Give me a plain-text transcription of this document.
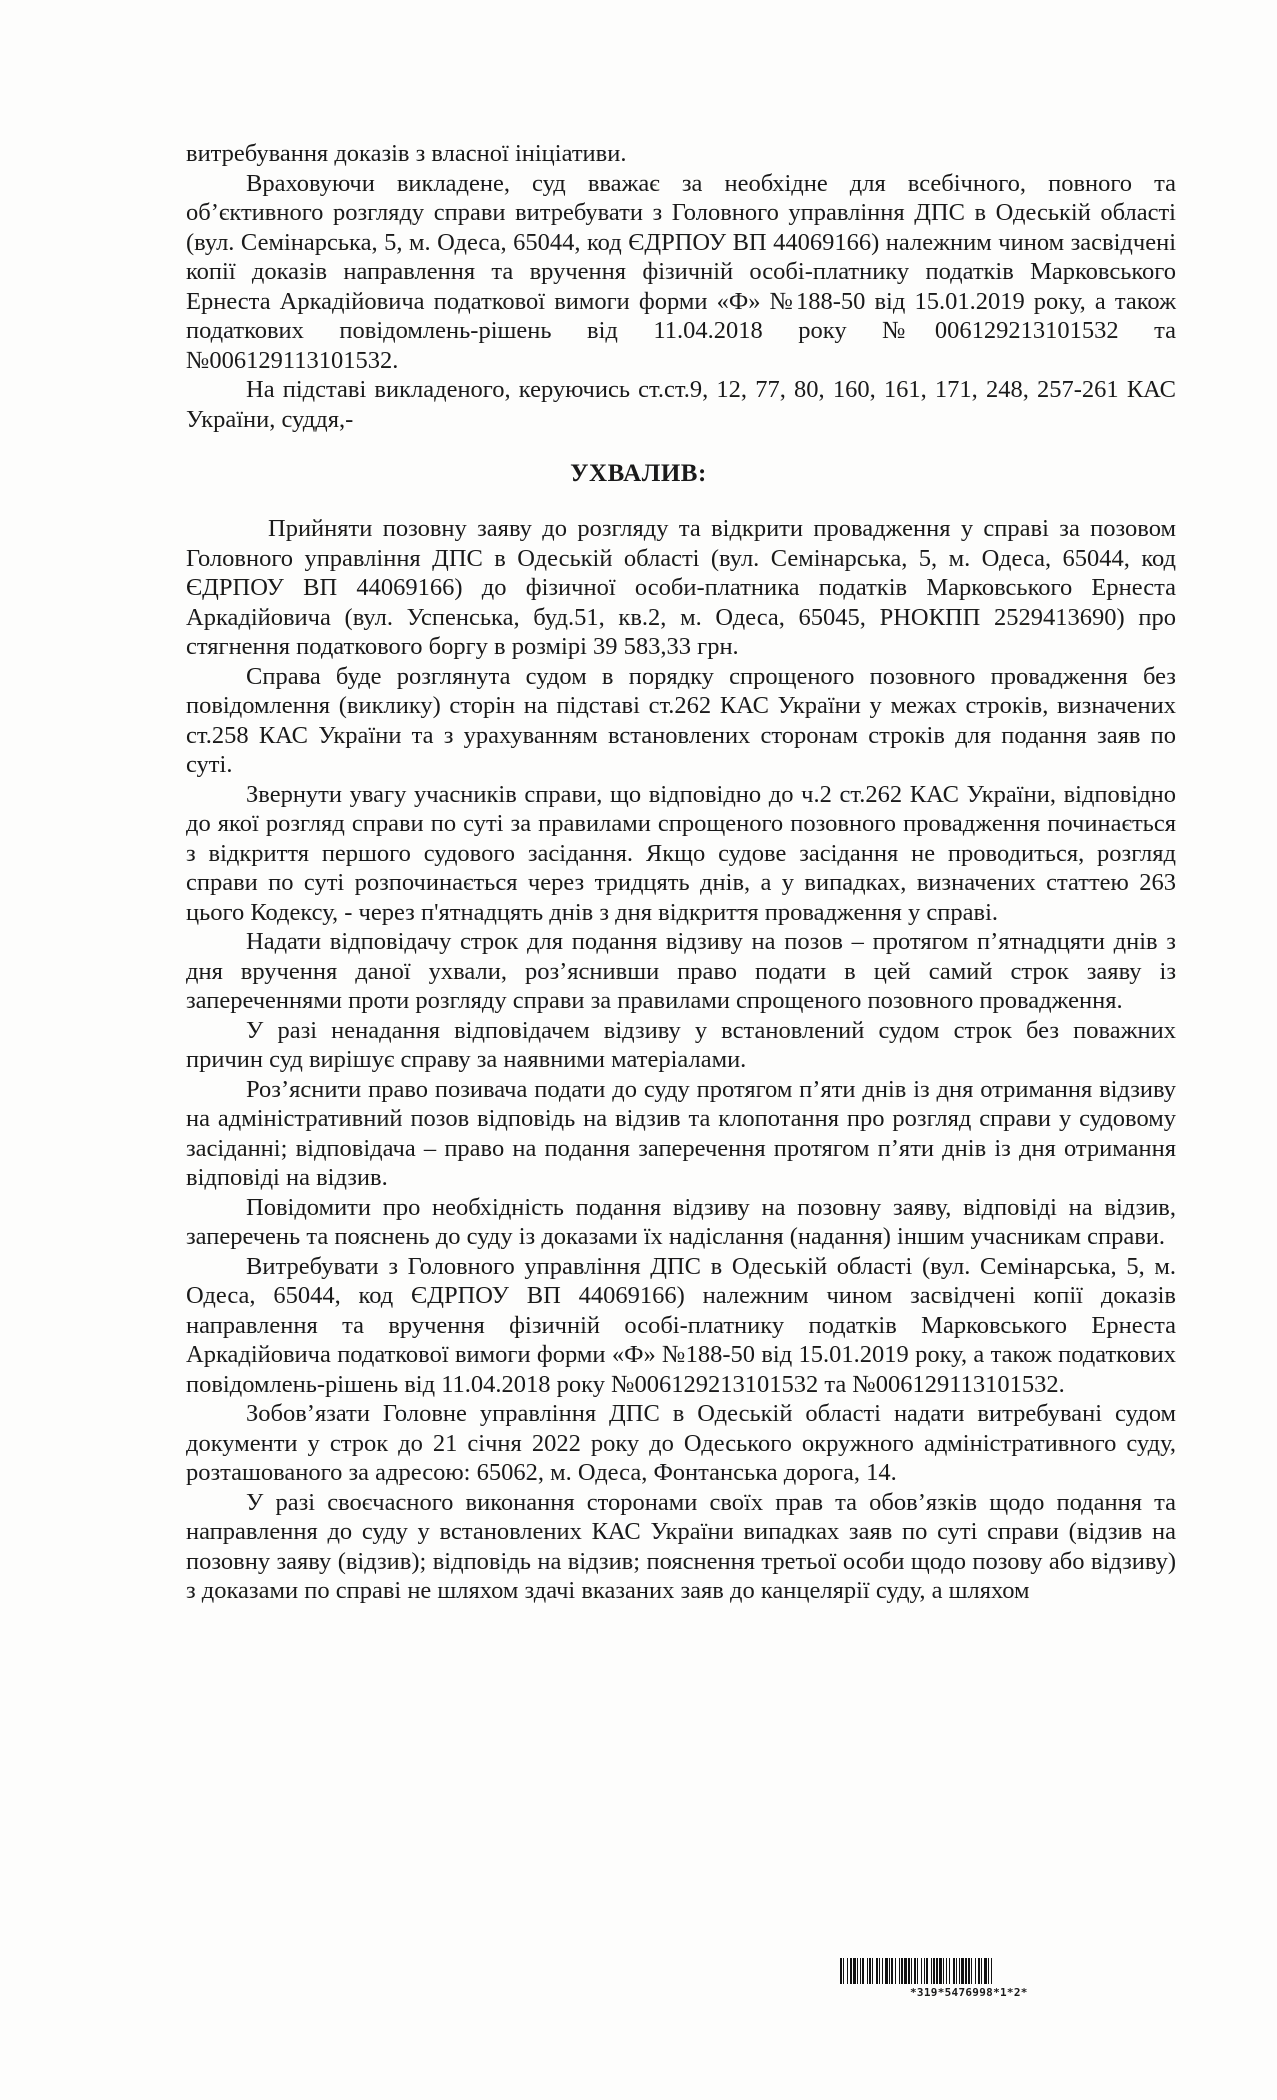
витребування доказів з власної ініціативи.

Враховуючи викладене, суд вважає за необхідне для всебічного, повного та об’єктивного розгляду справи витребувати з Головного управління ДПС в Одеській області (вул. Семінарська, 5, м. Одеса, 65044, код ЄДРПОУ ВП 44069166) належним чином засвідчені копії доказів направлення та вручення фізичній особі-платнику податків Марковського Ернеста Аркадійовича податкової вимоги форми «Ф» №188-50 від 15.01.2019 року, а також податкових повідомлень-рішень від 11.04.2018 року №006129213101532 та №006129113101532.

На підставі викладеного, керуючись ст.ст.9, 12, 77, 80, 160, 161, 171, 248, 257-261 КАС України, суддя,-

УХВАЛИВ:

Прийняти позовну заяву до розгляду та відкрити провадження у справі за позовом Головного управління ДПС в Одеській області (вул. Семінарська, 5, м. Одеса, 65044, код ЄДРПОУ ВП 44069166) до фізичної особи-платника податків Марковського Ернеста Аркадійовича (вул. Успенська, буд.51, кв.2, м. Одеса, 65045, РНОКПП 2529413690) про стягнення податкового боргу в розмірі 39 583,33 грн.

Справа буде розглянута судом в порядку спрощеного позовного провадження без повідомлення (виклику) сторін на підставі ст.262 КАС України у межах строків, визначених ст.258 КАС України та з урахуванням встановлених сторонам строків для подання заяв по суті.

Звернути увагу учасників справи, що відповідно до ч.2 ст.262 КАС України, відповідно до якої розгляд справи по суті за правилами спрощеного позовного провадження починається з відкриття першого судового засідання. Якщо судове засідання не проводиться, розгляд справи по суті розпочинається через тридцять днів, а у випадках, визначених статтею 263 цього Кодексу, - через п'ятнадцять днів з дня відкриття провадження у справі.

Надати відповідачу строк для подання відзиву на позов – протягом п’ятнадцяти днів з дня вручення даної ухвали, роз’яснивши право подати в цей самий строк заяву із запереченнями проти розгляду справи за правилами спрощеного позовного провадження.

У разі ненадання відповідачем відзиву у встановлений судом строк без поважних причин суд вирішує справу за наявними матеріалами.

Роз’яснити право позивача подати до суду протягом п’яти днів із дня отримання відзиву на адміністративний позов відповідь на відзив та клопотання про розгляд справи у судовому засіданні; відповідача – право на подання заперечення протягом п’яти днів із дня отримання відповіді на відзив.

Повідомити про необхідність подання відзиву на позовну заяву, відповіді на відзив, заперечень та пояснень до суду із доказами їх надіслання (надання) іншим учасникам справи.

Витребувати з Головного управління ДПС в Одеській області (вул. Семінарська, 5, м. Одеса, 65044, код ЄДРПОУ ВП 44069166) належним чином засвідчені копії доказів направлення та вручення фізичній особі-платнику податків Марковського Ернеста Аркадійовича податкової вимоги форми «Ф» №188-50 від 15.01.2019 року, а також податкових повідомлень-рішень від 11.04.2018 року №006129213101532 та №006129113101532.

Зобов’язати Головне управління ДПС в Одеській області надати витребувані судом документи у строк до 21 січня 2022 року до Одеського окружного адміністративного суду, розташованого за адресою: 65062, м. Одеса, Фонтанська дорога, 14.

У разі своєчасного виконання сторонами своїх прав та обов’язків щодо подання та направлення до суду у встановлених КАС України випадках заяв по суті справи (відзив на позовну заяву (відзив); відповідь на відзив; пояснення третьої особи щодо позову або відзиву) з доказами по справі не шляхом здачі вказаних заяв до канцелярії суду, а шляхом

*319*5476998*1*2*
